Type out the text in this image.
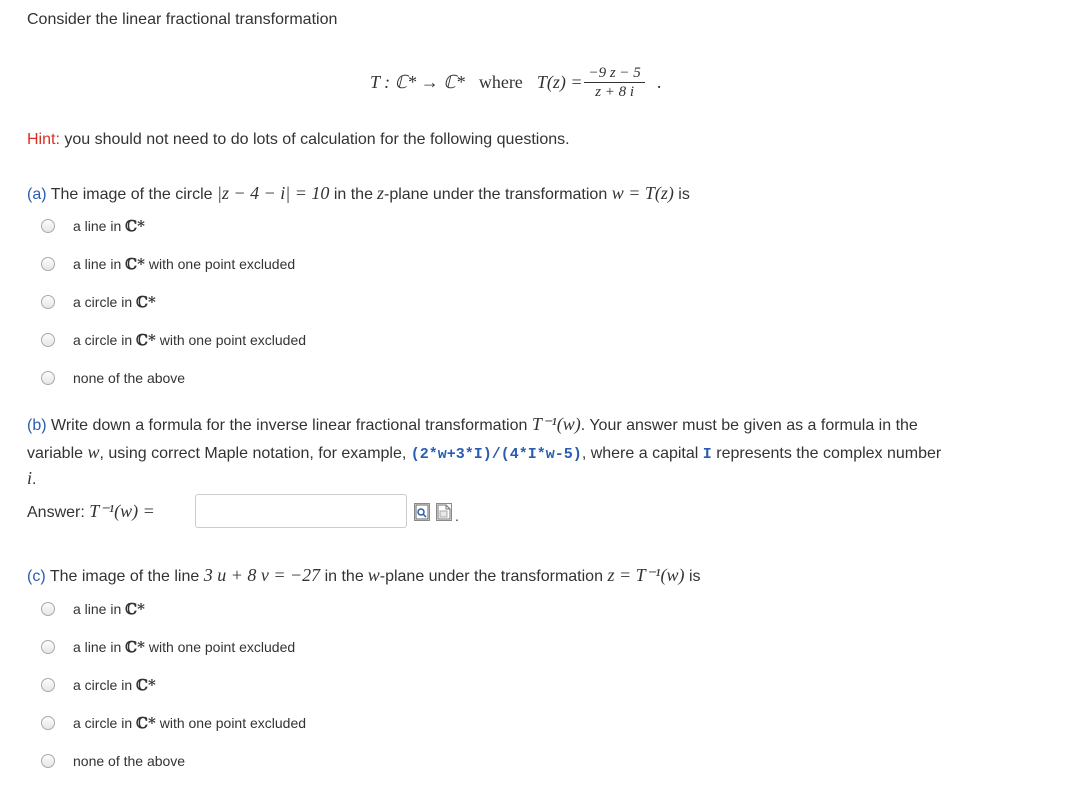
Consider the linear fractional transformation
T : ℂ* → ℂ* where $T(z) = \frac{-9 z - 5}{z + 8 i}$ .
Hint: you should not need to do lots of calculation for the following questions.
(a) The image of the circle |z − 4 − i| = 10 in the z-plane under the transformation w = T(z) is
a line in ℂ*
a line in ℂ* with one point excluded
a circle in ℂ*
a circle in ℂ* with one point excluded
none of the above
(b) Write down a formula for the inverse linear fractional transformation T⁻¹(w). Your answer must be given as a formula in the
variable w, using correct Maple notation, for example, (2*w+3*I)/(4*I*w-5), where a capital I represents the complex number
i.
Answer: T⁻¹(w) =	.
(c) The image of the line 3 u + 8 v = −27 in the w-plane under the transformation z = T⁻¹(w) is
a line in ℂ*
a line in ℂ* with one point excluded
a circle in ℂ*
a circle in ℂ* with one point excluded
none of the above
